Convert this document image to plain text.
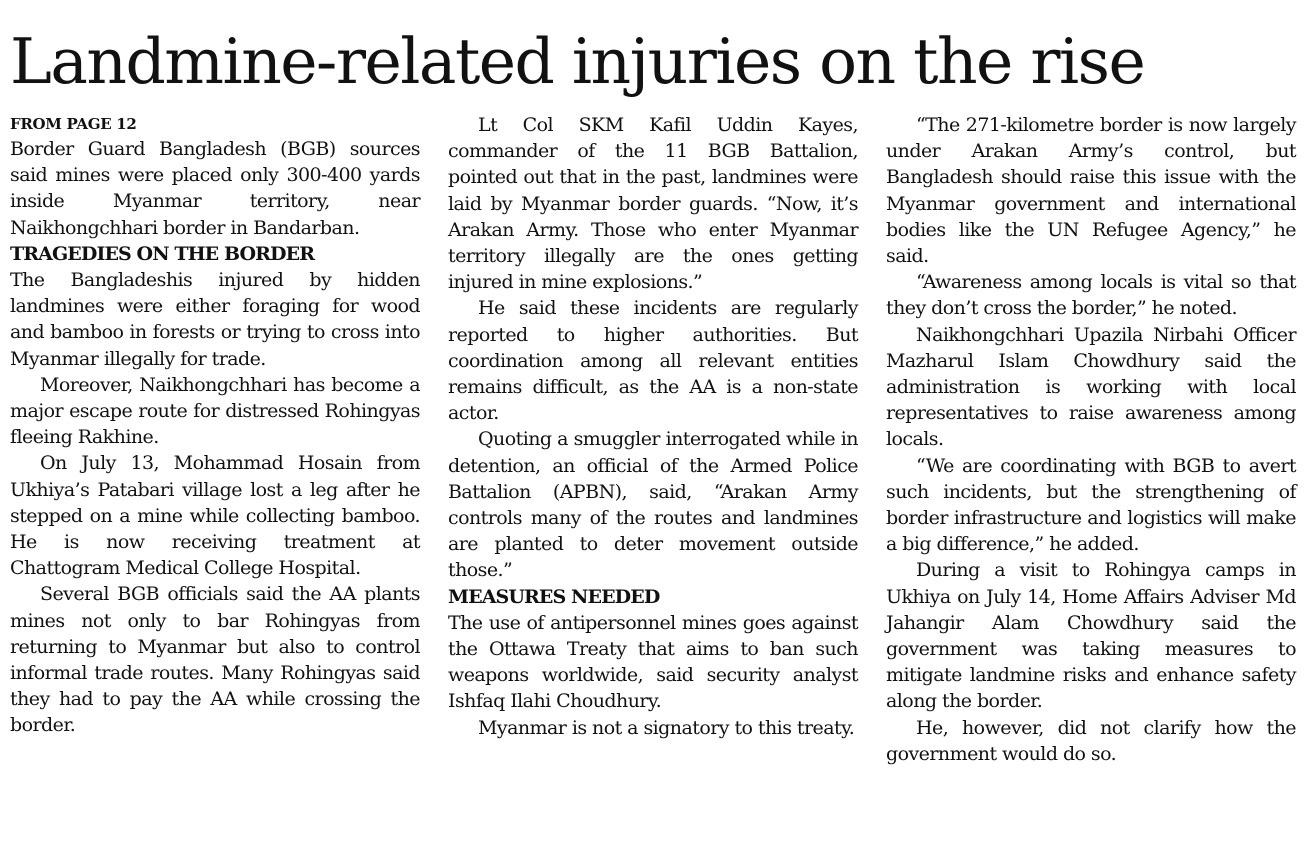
Landmine-related injuries on the rise
FROM PAGE 12

Border Guard Bangladesh (BGB) sources said mines were placed only 300-400 yards inside Myanmar territory, near Naikhongchhari border in Bandarban.

TRAGEDIES ON THE BORDER

The Bangladeshis injured by hidden landmines were either foraging for wood and bamboo in forests or trying to cross into Myanmar illegally for trade.

Moreover, Naikhongchhari has become a major escape route for distressed Rohingyas fleeing Rakhine.

On July 13, Mohammad Hosain from Ukhiya’s Patabari village lost a leg after he stepped on a mine while collecting bamboo. He is now receiving treatment at Chattogram Medical College Hospital.

Several BGB officials said the AA plants mines not only to bar Rohingyas from returning to Myanmar but also to control informal trade routes. Many Rohingyas said they had to pay the AA while crossing the border.

Lt Col SKM Kafil Uddin Kayes, commander of the 11 BGB Battalion, pointed out that in the past, landmines were laid by Myanmar border guards. “Now, it’s Arakan Army. Those who enter Myanmar territory illegally are the ones getting injured in mine explosions.”

He said these incidents are regularly reported to higher authorities. But coordination among all relevant entities remains difficult, as the AA is a non-state actor.

Quoting a smuggler interrogated while in detention, an official of the Armed Police Battalion (APBN), said, “Arakan Army controls many of the routes and landmines are planted to deter movement outside those.”

MEASURES NEEDED

The use of antipersonnel mines goes against the Ottawa Treaty that aims to ban such weapons worldwide, said security analyst Ishfaq Ilahi Choudhury.

Myanmar is not a signatory to this treaty.

“The 271-kilometre border is now largely under Arakan Army’s control, but Bangladesh should raise this issue with the Myanmar government and international bodies like the UN Refugee Agency,” he said.

“Awareness among locals is vital so that they don’t cross the border,” he noted.

Naikhongchhari Upazila Nirbahi Officer Mazharul Islam Chowdhury said the administration is working with local representatives to raise awareness among locals.

“We are coordinating with BGB to avert such incidents, but the strengthening of border infrastructure and logistics will make a big difference,” he added.

During a visit to Rohingya camps in Ukhiya on July 14, Home Affairs Adviser Md Jahangir Alam Chowdhury said the government was taking measures to mitigate landmine risks and enhance safety along the border.

He, however, did not clarify how the government would do so.
